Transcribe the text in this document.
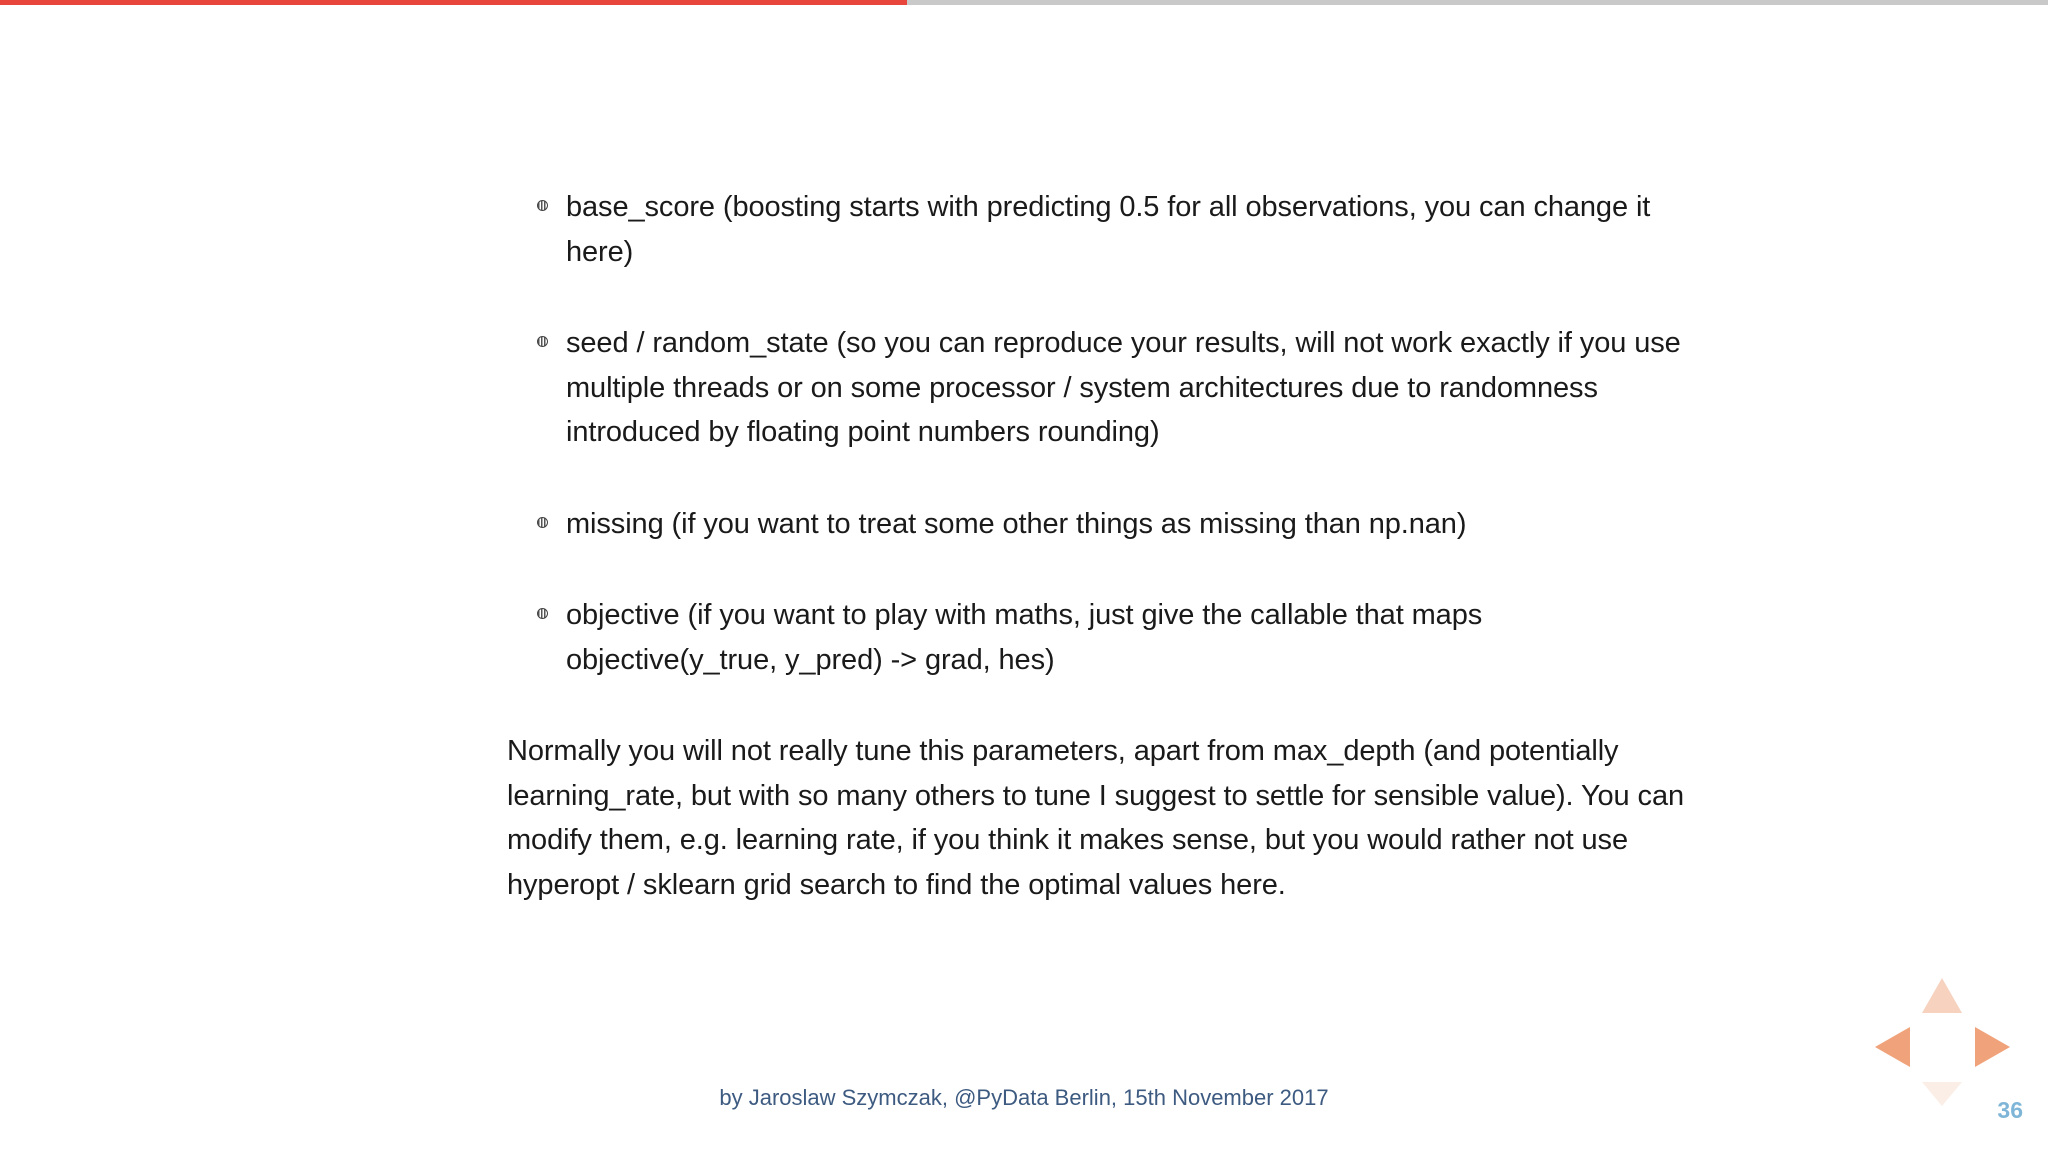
base_score (boosting starts with predicting 0.5 for all observations, you can change it here)
seed / random_state (so you can reproduce your results, will not work exactly if you use multiple threads or on some processor / system architectures due to randomness introduced by floating point numbers rounding)
missing (if you want to treat some other things as missing than np.nan)
objective (if you want to play with maths, just give the callable that maps objective(y_true, y_pred) -> grad, hes)

Normally you will not really tune this parameters, apart from max_depth (and potentially learning_rate, but with so many others to tune I suggest to settle for sensible value). You can modify them, e.g. learning rate, if you think it makes sense, but you would rather not use hyperopt / sklearn grid search to find the optimal values here.

by Jaroslaw Szymczak, @PyData Berlin, 15th November 2017	36
